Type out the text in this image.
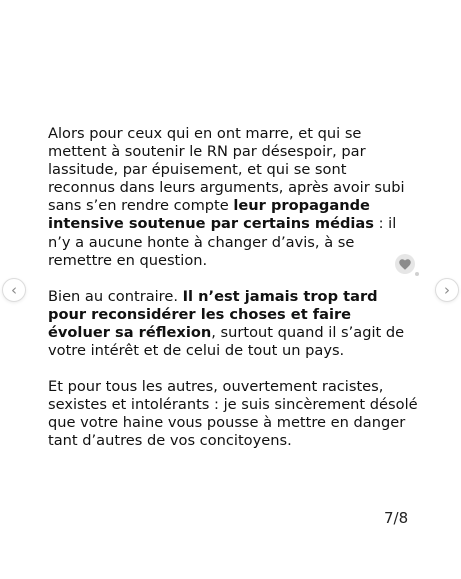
Alors pour ceux qui en ont marre, et qui se mettent à soutenir le RN par désespoir, par lassitude, par épuisement, et qui se sont reconnus dans leurs arguments, après avoir subi sans s’en rendre compte leur propagande intensive soutenue par certains médias : il n’y a aucune honte à changer d’avis, à se remettre en question.

Bien au contraire. Il n’est jamais trop tard pour reconsidérer les choses et faire évoluer sa réflexion, surtout quand il s’agit de votre intérêt et de celui de tout un pays.

Et pour tous les autres, ouvertement racistes, sexistes et intolérants : je suis sincèrement désolé que votre haine vous pousse à mettre en danger tant d’autres de vos concitoyens.

‹	›
7/8
